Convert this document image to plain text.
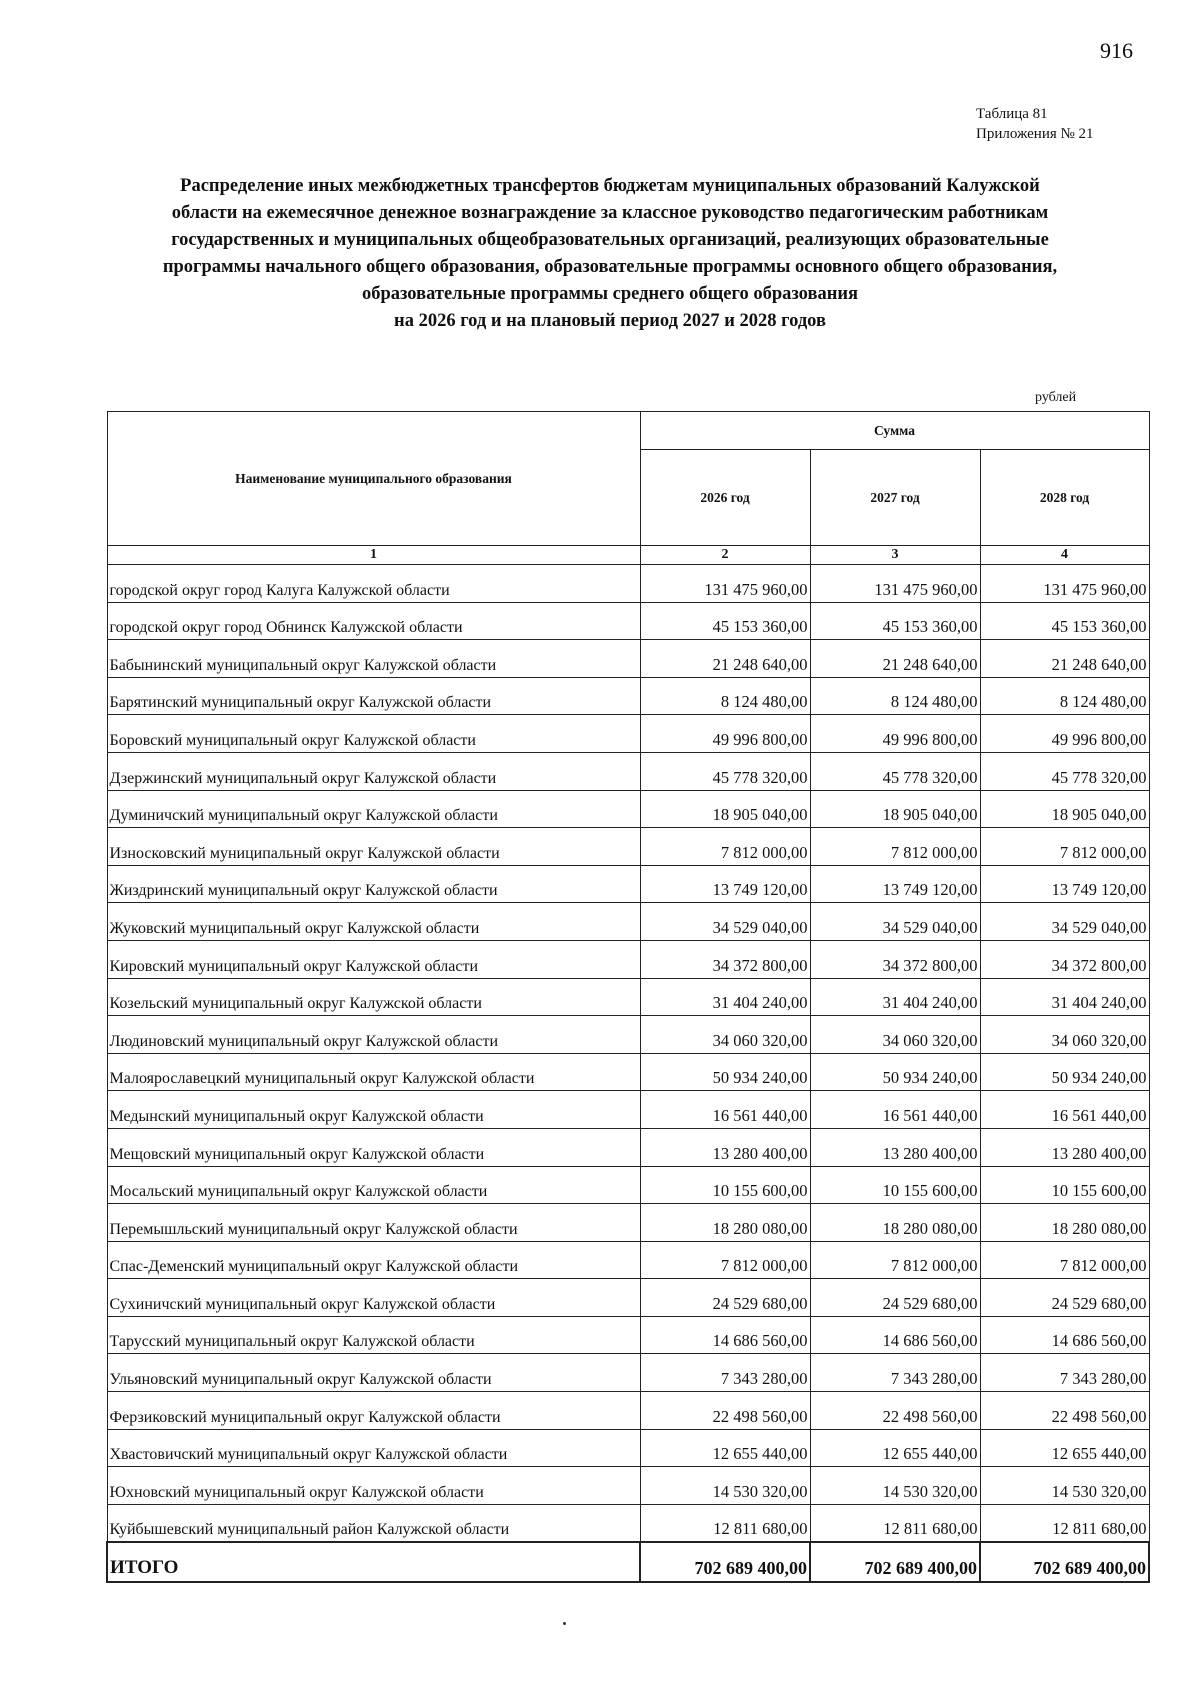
916
Таблица 81
Приложения № 21
Распределение иных межбюджетных трансфертов бюджетам муниципальных образований Калужской
области на ежемесячное денежное вознаграждение за классное руководство педагогическим работникам
государственных и муниципальных общеобразовательных организаций, реализующих образовательные
программы начального общего образования, образовательные программы основного общего образования,
образовательные программы среднего общего образования
на 2026 год и на плановый период 2027 и 2028 годов
рублей
Наименование муниципального образования	Сумма		
	2026 год	2027 год	2028 год
1	2	3	4
городской округ город Калуга Калужской области	131 475 960,00	131 475 960,00	131 475 960,00
городской округ город Обнинск Калужской области	45 153 360,00	45 153 360,00	45 153 360,00
Бабынинский муниципальный округ Калужской области	21 248 640,00	21 248 640,00	21 248 640,00
Барятинский муниципальный округ Калужской области	8 124 480,00	8 124 480,00	8 124 480,00
Боровский муниципальный округ Калужской области	49 996 800,00	49 996 800,00	49 996 800,00
Дзержинский муниципальный округ Калужской области	45 778 320,00	45 778 320,00	45 778 320,00
Думиничский муниципальный округ Калужской области	18 905 040,00	18 905 040,00	18 905 040,00
Износковский муниципальный округ Калужской области	7 812 000,00	7 812 000,00	7 812 000,00
Жиздринский муниципальный округ Калужской области	13 749 120,00	13 749 120,00	13 749 120,00
Жуковский муниципальный округ Калужской области	34 529 040,00	34 529 040,00	34 529 040,00
Кировский муниципальный округ Калужской области	34 372 800,00	34 372 800,00	34 372 800,00
Козельский муниципальный округ Калужской области	31 404 240,00	31 404 240,00	31 404 240,00
Людиновский муниципальный округ Калужской области	34 060 320,00	34 060 320,00	34 060 320,00
Малоярославецкий муниципальный округ Калужской области	50 934 240,00	50 934 240,00	50 934 240,00
Медынский муниципальный округ Калужской области	16 561 440,00	16 561 440,00	16 561 440,00
Мещовский муниципальный округ Калужской области	13 280 400,00	13 280 400,00	13 280 400,00
Мосальский муниципальный округ Калужской области	10 155 600,00	10 155 600,00	10 155 600,00
Перемышльский муниципальный округ Калужской области	18 280 080,00	18 280 080,00	18 280 080,00
Спас-Деменский муниципальный округ Калужской области	7 812 000,00	7 812 000,00	7 812 000,00
Сухиничский муниципальный округ Калужской области	24 529 680,00	24 529 680,00	24 529 680,00
Тарусский муниципальный округ Калужской области	14 686 560,00	14 686 560,00	14 686 560,00
Ульяновский муниципальный округ Калужской области	7 343 280,00	7 343 280,00	7 343 280,00
Ферзиковский муниципальный округ Калужской области	22 498 560,00	22 498 560,00	22 498 560,00
Хвастовичский муниципальный округ Калужской области	12 655 440,00	12 655 440,00	12 655 440,00
Юхновский муниципальный округ Калужской области	14 530 320,00	14 530 320,00	14 530 320,00
Куйбышевский муниципальный район Калужской области	12 811 680,00	12 811 680,00	12 811 680,00
ИТОГО	702 689 400,00	702 689 400,00	702 689 400,00
